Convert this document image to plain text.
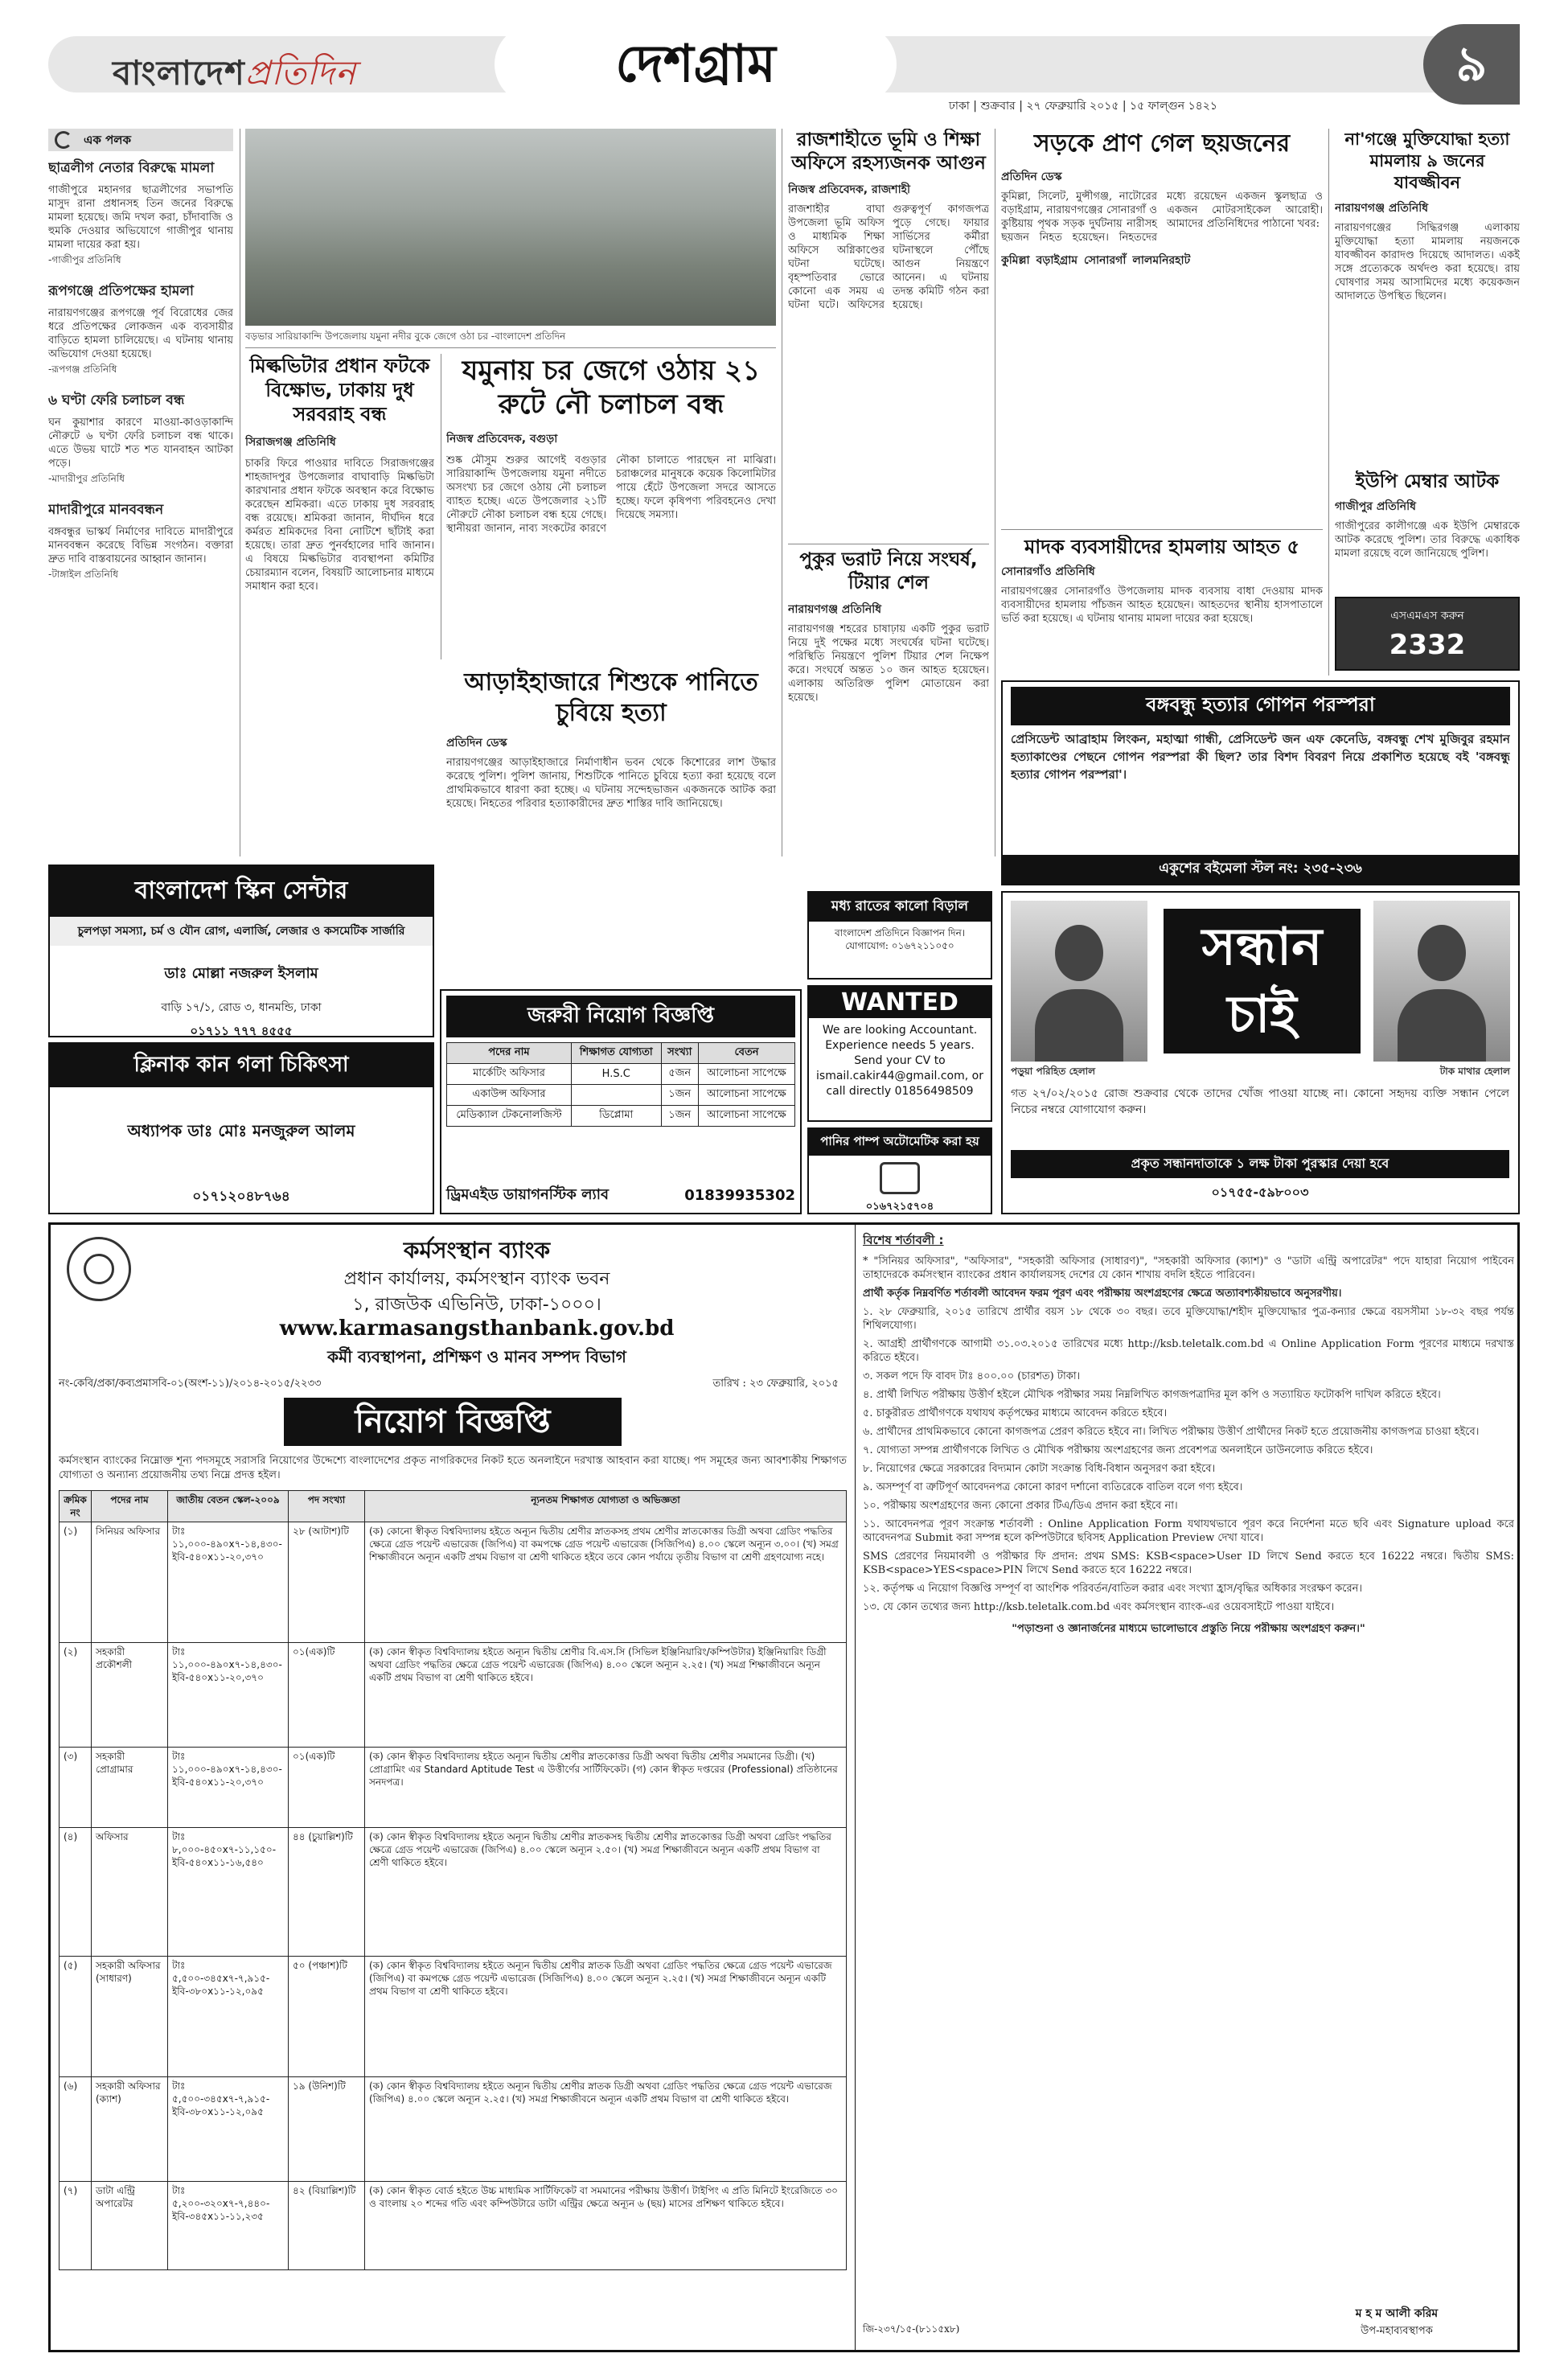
বাংলাদেশপ্রতিদিন	দেশগ্রাম	৯
ঢাকা | শুক্রবার | ২৭ ফেব্রুয়ারি ২০১৫ | ১৫ ফাল্গুন ১৪২১
এক পলক
ছাত্রলীগ নেতার বিরুদ্ধে মামলা
গাজীপুরে মহানগর ছাত্রলীগের সভাপতি মাসুদ রানা প্রধানসহ তিন জনের বিরুদ্ধে মামলা হয়েছে। জমি দখল করা, চাঁদাবাজি ও হুমকি দেওয়ার অভিযোগে গাজীপুর থানায় মামলা দায়ের করা হয়।
-গাজীপুর প্রতিনিধি
রূপগঞ্জে প্রতিপক্ষের হামলা
নারায়ণগঞ্জের রূপগঞ্জে পূর্ব বিরোধের জের ধরে প্রতিপক্ষের লোকজন এক ব্যবসায়ীর বাড়িতে হামলা চালিয়েছে। এ ঘটনায় থানায় অভিযোগ দেওয়া হয়েছে।
-রূপগঞ্জ প্রতিনিধি
৬ ঘণ্টা ফেরি চলাচল বন্ধ
ঘন কুয়াশার কারণে মাওয়া-কাওড়াকান্দি নৌরুটে ৬ ঘণ্টা ফেরি চলাচল বন্ধ থাকে। এতে উভয় ঘাটে শত শত যানবাহন আটকা পড়ে।
-মাদারীপুর প্রতিনিধি
মাদারীপুরে মানববন্ধন
বঙ্গবন্ধুর ভাস্কর্য নির্মাণের দাবিতে মাদারীপুরে মানববন্ধন করেছে বিভিন্ন সংগঠন। বক্তারা দ্রুত দাবি বাস্তবায়নের আহ্বান জানান।
-টাঙ্গাইল প্রতিনিধি
বড়ভার সারিয়াকান্দি উপজেলায় যমুনা নদীর বুকে জেগে ওঠা চর -বাংলাদেশ প্রতিদিন
মিল্কভিটার প্রধান ফটকে বিক্ষোভ, ঢাকায় দুধ সরবরাহ বন্ধ
সিরাজগঞ্জ প্রতিনিধি
চাকরি ফিরে পাওয়ার দাবিতে সিরাজগঞ্জের শাহজাদপুর উপজেলার বাঘাবাড়ি মিল্কভিটা কারখানার প্রধান ফটকে অবস্থান করে বিক্ষোভ করেছেন শ্রমিকরা। এতে ঢাকায় দুধ সরবরাহ বন্ধ রয়েছে। শ্রমিকরা জানান, দীর্ঘদিন ধরে কর্মরত শ্রমিকদের বিনা নোটিশে ছাঁটাই করা হয়েছে। তারা দ্রুত পুনর্বহালের দাবি জানান। এ বিষয়ে মিল্কভিটার ব্যবস্থাপনা কমিটির চেয়ারম্যান বলেন, বিষয়টি আলোচনার মাধ্যমে সমাধান করা হবে।
যমুনায় চর জেগে ওঠায় ২১ রুটে নৌ চলাচল বন্ধ
নিজস্ব প্রতিবেদক, বগুড়া
শুষ্ক মৌসুম শুরুর আগেই বগুড়ার সারিয়াকান্দি উপজেলায় যমুনা নদীতে অসংখ্য চর জেগে ওঠায় নৌ চলাচল ব্যাহত হচ্ছে। এতে উপজেলার ২১টি নৌরুটে নৌকা চলাচল বন্ধ হয়ে গেছে। স্থানীয়রা জানান, নাব্য সংকটের কারণে নৌকা চালাতে পারছেন না মাঝিরা। চরাঞ্চলের মানুষকে কয়েক কিলোমিটার পায়ে হেঁটে উপজেলা সদরে আসতে হচ্ছে। ফলে কৃষিপণ্য পরিবহনেও দেখা দিয়েছে সমস্যা।
আড়াইহাজারে শিশুকে পানিতে চুবিয়ে হত্যা
প্রতিদিন ডেস্ক
নারায়ণগঞ্জের আড়াইহাজারে নির্মাণাধীন ভবন থেকে কিশোরের লাশ উদ্ধার করেছে পুলিশ। পুলিশ জানায়, শিশুটিকে পানিতে চুবিয়ে হত্যা করা হয়েছে বলে প্রাথমিকভাবে ধারণা করা হচ্ছে। এ ঘটনায় সন্দেহভাজন একজনকে আটক করা হয়েছে। নিহতের পরিবার হত্যাকারীদের দ্রুত শাস্তির দাবি জানিয়েছে।
রাজশাহীতে ভূমি ও শিক্ষা অফিসে রহস্যজনক আগুন
নিজস্ব প্রতিবেদক, রাজশাহী
রাজশাহীর বাঘা উপজেলা ভূমি অফিস ও মাধ্যমিক শিক্ষা অফিসে অগ্নিকাণ্ডের ঘটনা ঘটেছে। বৃহস্পতিবার ভোরে কোনো এক সময় এ ঘটনা ঘটে। অফিসের গুরুত্বপূর্ণ কাগজপত্র পুড়ে গেছে। ফায়ার সার্ভিসের কর্মীরা ঘটনাস্থলে পৌঁছে আগুন নিয়ন্ত্রণে আনেন। এ ঘটনায় তদন্ত কমিটি গঠন করা হয়েছে।
পুকুর ভরাট নিয়ে সংঘর্ষ, টিয়ার শেল
নারায়ণগঞ্জ প্রতিনিধি
নারায়ণগঞ্জ শহরের চাষাঢ়ায় একটি পুকুর ভরাট নিয়ে দুই পক্ষের মধ্যে সংঘর্ষের ঘটনা ঘটেছে। পরিস্থিতি নিয়ন্ত্রণে পুলিশ টিয়ার শেল নিক্ষেপ করে। সংঘর্ষে অন্তত ১০ জন আহত হয়েছেন। এলাকায় অতিরিক্ত পুলিশ মোতায়েন করা হয়েছে।
সড়কে প্রাণ গেল ছয়জনের
প্রতিদিন ডেস্ক
কুমিল্লা, সিলেট, মুন্সীগঞ্জ, নাটোরের বড়াইগ্রাম, নারায়ণগঞ্জের সোনারগাঁ ও কুষ্টিয়ায় পৃথক সড়ক দুর্ঘটনায় নারীসহ ছয়জন নিহত হয়েছেন। নিহতদের মধ্যে রয়েছেন একজন স্কুলছাত্র ও একজন মোটরসাইকেল আরোহী। আমাদের প্রতিনিধিদের পাঠানো খবর:
কুমিল্লা বড়াইগ্রাম সোনারগাঁ লালমনিরহাট
মাদক ব্যবসায়ীদের হামলায় আহত ৫
সোনারগাঁও প্রতিনিধি
নারায়ণগঞ্জের সোনারগাঁও উপজেলায় মাদক ব্যবসায় বাধা দেওয়ায় মাদক ব্যবসায়ীদের হামলায় পাঁচজন আহত হয়েছেন। আহতদের স্থানীয় হাসপাতালে ভর্তি করা হয়েছে। এ ঘটনায় থানায় মামলা দায়ের করা হয়েছে।
না'গঞ্জে মুক্তিযোদ্ধা হত্যা মামলায় ৯ জনের যাবজ্জীবন
নারায়ণগঞ্জ প্রতিনিধি
নারায়ণগঞ্জের সিদ্ধিরগঞ্জ এলাকায় মুক্তিযোদ্ধা হত্যা মামলায় নয়জনকে যাবজ্জীবন কারাদণ্ড দিয়েছে আদালত। একই সঙ্গে প্রত্যেককে অর্থদণ্ড করা হয়েছে। রায় ঘোষণার সময় আসামিদের মধ্যে কয়েকজন আদালতে উপস্থিত ছিলেন।
ইউপি মেম্বার আটক
গাজীপুর প্রতিনিধি
গাজীপুরের কালীগঞ্জে এক ইউপি মেম্বারকে আটক করেছে পুলিশ। তার বিরুদ্ধে একাধিক মামলা রয়েছে বলে জানিয়েছে পুলিশ।
এসএমএস করুন
2332
বঙ্গবন্ধু হত্যার গোপন পরস্পরা
প্রেসিডেন্ট আব্রাহাম লিংকন, মহাত্মা গান্ধী, প্রেসিডেন্ট জন এফ কেনেডি, বঙ্গবন্ধু শেখ মুজিবুর রহমান হত্যাকাণ্ডের পেছনে গোপন পরস্পরা কী ছিল? তার বিশদ বিবরণ নিয়ে প্রকাশিত হয়েছে বই 'বঙ্গবন্ধু হত্যার গোপন পরস্পরা'।
একুশের বইমেলা স্টল নং: ২৩৫-২৩৬
সন্ধান চাই
পড়ুয়া পরিহিত হেলাল	টাক মাথার হেলাল
গত ২৭/০২/২০১৫ রোজ শুক্রবার থেকে তাদের খোঁজ পাওয়া যাচ্ছে না। কোনো সহৃদয় ব্যক্তি সন্ধান পেলে নিচের নম্বরে যোগাযোগ করুন।
প্রকৃত সন্ধানদাতাকে ১ লক্ষ টাকা পুরস্কার দেয়া হবে
০১৭৫৫-৫৯৮০০৩
বাংলাদেশ স্কিন সেন্টার
চুলপড়া সমস্যা, চর্ম ও যৌন রোগ, এলার্জি, লেজার ও কসমেটিক সার্জারি
ডাঃ মোল্লা নজরুল ইসলাম
বাড়ি ১৭/১, রোড ৩, ধানমন্ডি, ঢাকা
০১৭১১ ৭৭৭ ৪৫৫৫
ক্লিনাক কান গলা চিকিৎসা
অধ্যাপক ডাঃ মোঃ মনজুরুল আলম
০১৭১২০৪৮৭৬৪
জরুরী নিয়োগ বিজ্ঞপ্তি
পদের নাম	শিক্ষাগত যোগ্যতা	সংখ্যা	বেতন
মার্কেটিং অফিসার	H.S.C	৫জন	আলোচনা সাপেক্ষে
একাউন্স অফিসার		১জন	আলোচনা সাপেক্ষে
মেডিক্যাল টেকনোলজিস্ট	ডিপ্লোমা	১জন	আলোচনা সাপেক্ষে
ড্রিমএইড ডায়াগনস্টিক ল্যাব	01839935302
WANTED
We are looking Accountant. Experience needs 5 years. Send your CV to ismail.cakir44@gmail.com, or call directly 01856498509
মধ্য রাতের কালো বিড়াল
বাংলাদেশ প্রতিদিনে বিজ্ঞাপন দিন। যোগাযোগ: ০১৬৭২১১০৫০
পানির পাম্প অটোমেটিক করা হয়
০১৬৭২১৫৭০৪
কর্মসংস্থান ব্যাংক
প্রধান কার্যালয়, কর্মসংস্থান ব্যাংক ভবন
১, রাজউক এভিনিউ, ঢাকা-১০০০।
www.karmasangsthanbank.gov.bd
কর্মী ব্যবস্থাপনা, প্রশিক্ষণ ও মানব সম্পদ বিভাগ
নং-কেবি/প্রকা/কব্যপ্রমাসবি-০১(অংশ-১১)/২০১৪-২০১৫/২২৩৩	তারিখ : ২৩ ফেব্রুয়ারি, ২০১৫
নিয়োগ বিজ্ঞপ্তি
কর্মসংস্থান ব্যাংকের নিম্নোক্ত শূন্য পদসমূহে সরাসরি নিয়োগের উদ্দেশ্যে বাংলাদেশের প্রকৃত নাগরিকদের নিকট হতে অনলাইনে দরখাস্ত আহবান করা যাচ্ছে। পদ সমূহের জন্য আবশ্যকীয় শিক্ষাগত যোগ্যতা ও অন্যান্য প্রয়োজনীয় তথ্য নিম্নে প্রদত্ত হইল।
ক্রমিক নং	পদের নাম	জাতীয় বেতন স্কেল-২০০৯	পদ সংখ্যা	ন্যূনতম শিক্ষাগত যোগ্যতা ও অভিজ্ঞতা
(১)	সিনিয়র অফিসার	টাঃ ১১,০০০-৪৯০x৭-১৪,৪৩০-ইবি-৫৪০x১১-২০,৩৭০	২৮ (আটাশ)টি	(ক) কোনো স্বীকৃত বিশ্ববিদ্যালয় হইতে অন্যূন দ্বিতীয় শ্রেণীর স্নাতকসহ প্রথম শ্রেণীর স্নাতকোত্তর ডিগ্রী অথবা গ্রেডিং পদ্ধতির ক্ষেত্রে গ্রেড পয়েন্ট এভারেজ (জিপিএ) বা কমপক্ষে গ্রেড পয়েন্ট এভারেজ (সিজিপিএ) ৪.০০ স্কেলে অন্যূন ৩.০০। (খ) সমগ্র শিক্ষাজীবনে অন্যূন একটি প্রথম বিভাগ বা শ্রেণী থাকিতে হইবে তবে কোন পর্যায়ে তৃতীয় বিভাগ বা শ্রেণী গ্রহণযোগ্য নহে।
(২)	সহকারী প্রকৌশলী	টাঃ ১১,০০০-৪৯০x৭-১৪,৪৩০-ইবি-৫৪০x১১-২০,৩৭০	০১(এক)টি	(ক) কোন স্বীকৃত বিশ্ববিদ্যালয় হইতে অন্যূন দ্বিতীয় শ্রেণীর বি.এস.সি (সিভিল ইঞ্জিনিয়ারিং/কম্পিউটার) ইঞ্জিনিয়ারিং ডিগ্রী অথবা গ্রেডিং পদ্ধতির ক্ষেত্রে গ্রেড পয়েন্ট এভারেজ (জিপিএ) ৪.০০ স্কেলে অন্যূন ২.২৫। (খ) সমগ্র শিক্ষাজীবনে অন্যূন একটি প্রথম বিভাগ বা শ্রেণী থাকিতে হইবে।
(৩)	সহকারী প্রোগ্রামার	টাঃ ১১,০০০-৪৯০x৭-১৪,৪৩০-ইবি-৫৪০x১১-২০,৩৭০	০১(এক)টি	(ক) কোন স্বীকৃত বিশ্ববিদ্যালয় হইতে অন্যূন দ্বিতীয় শ্রেণীর স্নাতকোত্তর ডিগ্রী অথবা দ্বিতীয় শ্রেণীর সমমানের ডিগ্রী। (খ) প্রোগ্রামিং এর Standard Aptitude Test এ উত্তীর্ণের সার্টিফিকেট। (গ) কোন স্বীকৃত দপ্তরের (Professional) প্রতিষ্ঠানের সনদপত্র।
(৪)	অফিসার	টাঃ ৮,০০০-৪৫০x৭-১১,১৫০-ইবি-৫৪০x১১-১৬,৫৪০	৪৪ (চুয়াল্লিশ)টি	(ক) কোন স্বীকৃত বিশ্ববিদ্যালয় হইতে অন্যূন দ্বিতীয় শ্রেণীর স্নাতকসহ দ্বিতীয় শ্রেণীর স্নাতকোত্তর ডিগ্রী অথবা গ্রেডিং পদ্ধতির ক্ষেত্রে গ্রেড পয়েন্ট এভারেজ (জিপিএ) ৪.০০ স্কেলে অন্যূন ২.৫০। (খ) সমগ্র শিক্ষাজীবনে অন্যূন একটি প্রথম বিভাগ বা শ্রেণী থাকিতে হইবে।
(৫)	সহকারী অফিসার (সাধারণ)	টাঃ ৫,৫০০-৩৪৫x৭-৭,৯১৫-ইবি-৩৮০x১১-১২,০৯৫	৫০ (পঞ্চাশ)টি	(ক) কোন স্বীকৃত বিশ্ববিদ্যালয় হইতে অন্যূন দ্বিতীয় শ্রেণীর স্নাতক ডিগ্রী অথবা গ্রেডিং পদ্ধতির ক্ষেত্রে গ্রেড পয়েন্ট এভারেজ (জিপিএ) বা কমপক্ষে গ্রেড পয়েন্ট এভারেজ (সিজিপিএ) ৪.০০ স্কেলে অন্যূন ২.২৫। (খ) সমগ্র শিক্ষাজীবনে অন্যূন একটি প্রথম বিভাগ বা শ্রেণী থাকিতে হইবে।
(৬)	সহকারী অফিসার (ক্যাশ)	টাঃ ৫,৫০০-৩৪৫x৭-৭,৯১৫-ইবি-৩৮০x১১-১২,০৯৫	১৯ (উনিশ)টি	(ক) কোন স্বীকৃত বিশ্ববিদ্যালয় হইতে অন্যূন দ্বিতীয় শ্রেণীর স্নাতক ডিগ্রী অথবা গ্রেডিং পদ্ধতির ক্ষেত্রে গ্রেড পয়েন্ট এভারেজ (জিপিএ) ৪.০০ স্কেলে অন্যূন ২.২৫। (খ) সমগ্র শিক্ষাজীবনে অন্যূন একটি প্রথম বিভাগ বা শ্রেণী থাকিতে হইবে।
(৭)	ডাটা এন্ট্রি অপারেটর	টাঃ ৫,২০০-৩২০x৭-৭,৪৪০-ইবি-৩৪৫x১১-১১,২৩৫	৪২ (বিয়াল্লিশ)টি	(ক) কোন স্বীকৃত বোর্ড হইতে উচ্চ মাধ্যমিক সার্টিফিকেট বা সমমানের পরীক্ষায় উত্তীর্ণ। টাইপিং এ প্রতি মিনিটে ইংরেজিতে ৩০ ও বাংলায় ২০ শব্দের গতি এবং কম্পিউটারে ডাটা এন্ট্রির ক্ষেত্রে অন্যূন ৬ (ছয়) মাসের প্রশিক্ষণ থাকিতে হইবে।
বিশেষ শর্তাবলী :
* "সিনিয়র অফিসার", "অফিসার", "সহকারী অফিসার (সাধারণ)", "সহকারী অফিসার (ক্যাশ)" ও "ডাটা এন্ট্রি অপারেটর" পদে যাহারা নিয়োগ পাইবেন তাহাদেরকে কর্মসংস্থান ব্যাংকের প্রধান কার্যালয়সহ দেশের যে কোন শাখায় বদলি হইতে পারিবেন।
প্রার্থী কর্তৃক নিম্নবর্ণিত শর্তাবলী আবেদন ফরম পূরণ এবং পরীক্ষায় অংশগ্রহণের ক্ষেত্রে অত্যাবশ্যকীয়ভাবে অনুসরণীয়।
১. ২৮ ফেব্রুয়ারি, ২০১৫ তারিখে প্রার্থীর বয়স ১৮ থেকে ৩০ বছর। তবে মুক্তিযোদ্ধা/শহীদ মুক্তিযোদ্ধার পুত্র-কন্যার ক্ষেত্রে বয়সসীমা ১৮-৩২ বছর পর্যন্ত শিথিলযোগ্য।
২. আগ্রহী প্রার্থীগণকে আগামী ৩১.০৩.২০১৫ তারিখের মধ্যে http://ksb.teletalk.com.bd এ Online Application Form পূরণের মাধ্যমে দরখাস্ত করিতে হইবে।
৩. সকল পদে ফি বাবদ টাঃ ৪০০.০০ (চারশত) টাকা।
৪. প্রার্থী লিখিত পরীক্ষায় উত্তীর্ণ হইলে মৌখিক পরীক্ষার সময় নিম্নলিখিত কাগজপত্রাদির মূল কপি ও সত্যায়িত ফটোকপি দাখিল করিতে হইবে।
৫. চাকুরীরত প্রার্থীগণকে যথাযথ কর্তৃপক্ষের মাধ্যমে আবেদন করিতে হইবে।
৬. প্রার্থীদের প্রাথমিকভাবে কোনো কাগজপত্র প্রেরণ করিতে হইবে না। লিখিত পরীক্ষায় উত্তীর্ণ প্রার্থীদের নিকট হতে প্রয়োজনীয় কাগজপত্র চাওয়া হইবে।
৭. যোগ্যতা সম্পন্ন প্রার্থীগণকে লিখিত ও মৌখিক পরীক্ষায় অংশগ্রহণের জন্য প্রবেশপত্র অনলাইনে ডাউনলোড করিতে হইবে।
৮. নিয়োগের ক্ষেত্রে সরকারের বিদ্যমান কোটা সংক্রান্ত বিধি-বিধান অনুসরণ করা হইবে।
৯. অসম্পূর্ণ বা ত্রুটিপূর্ণ আবেদনপত্র কোনো কারণ দর্শানো ব্যতিরেকে বাতিল বলে গণ্য হইবে।
১০. পরীক্ষায় অংশগ্রহণের জন্য কোনো প্রকার টিএ/ডিএ প্রদান করা হইবে না।
১১. আবেদনপত্র পূরণ সংক্রান্ত শর্তাবলী : Online Application Form যথাযথভাবে পূরণ করে নির্দেশনা মতে ছবি এবং Signature upload করে আবেদনপত্র Submit করা সম্পন্ন হলে কম্পিউটারে ছবিসহ Application Preview দেখা যাবে।
SMS প্রেরণের নিয়মাবলী ও পরীক্ষার ফি প্রদান: প্রথম SMS: KSB<space>User ID লিখে Send করতে হবে 16222 নম্বরে। দ্বিতীয় SMS: KSB<space>YES<space>PIN লিখে Send করতে হবে 16222 নম্বরে।
১২. কর্তৃপক্ষ এ নিয়োগ বিজ্ঞপ্তি সম্পূর্ণ বা আংশিক পরিবর্তন/বাতিল করার এবং সংখ্যা হ্রাস/বৃদ্ধির অধিকার সংরক্ষণ করেন।
১৩. যে কোন তথ্যের জন্য http://ksb.teletalk.com.bd এবং কর্মসংস্থান ব্যাংক-এর ওয়েবসাইটে পাওয়া যাইবে।
"পড়াশুনা ও জ্ঞানার্জনের মাধ্যমে ভালোভাবে প্রস্তুতি নিয়ে পরীক্ষায় অংশগ্রহণ করুন।"
ম হ ম আলী করিম
উপ-মহাব্যবস্থাপক
জি-২৩৭/১৫-(৮১১৫x৮)
